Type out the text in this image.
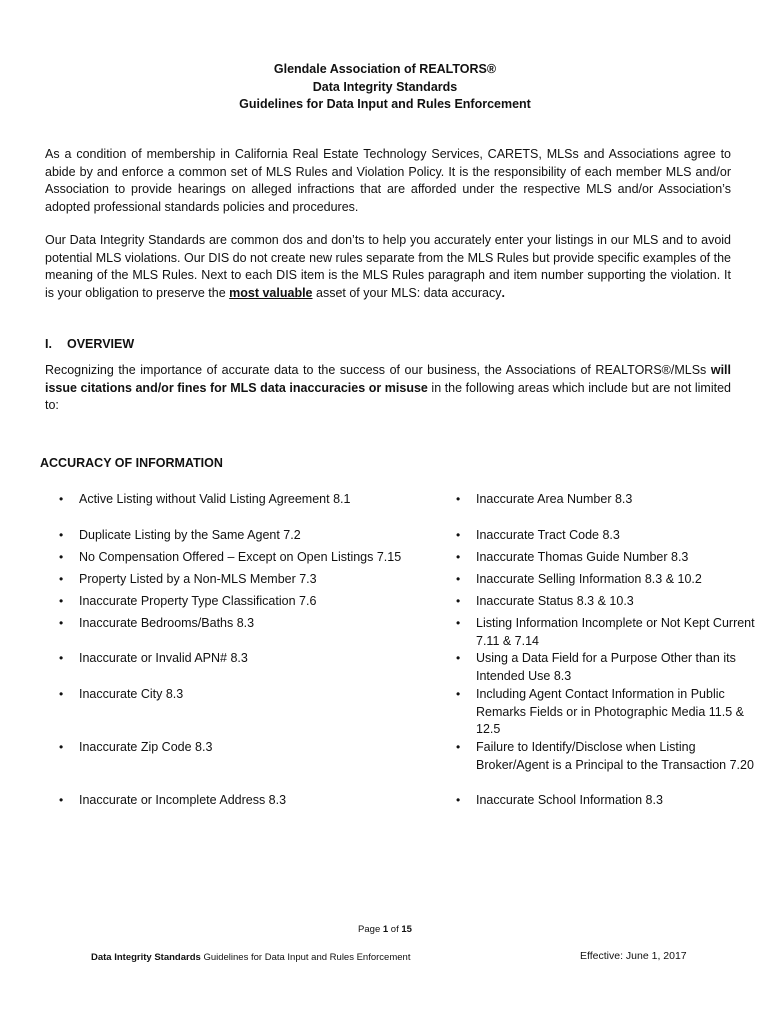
Glendale Association of REALTORS®
Data Integrity Standards
Guidelines for Data Input and Rules Enforcement

As a condition of membership in California Real Estate Technology Services, CARETS, MLSs and Associations agree to abide by and enforce a common set of MLS Rules and Violation Policy. It is the responsibility of each member MLS and/or Association to provide hearings on alleged infractions that are afforded under the respective MLS and/or Association’s adopted professional standards policies and procedures.

Our Data Integrity Standards are common dos and don’ts to help you accurately enter your listings in our MLS and to avoid potential MLS violations. Our DIS do not create new rules separate from the MLS Rules but provide specific examples of the meaning of the MLS Rules. Next to each DIS item is the MLS Rules paragraph and item number supporting the violation. It is your obligation to preserve the most valuable asset of your MLS: data accuracy.

I. OVERVIEW

Recognizing the importance of accurate data to the success of our business, the Associations of REALTORS®/MLSs will issue citations and/or fines for MLS data inaccuracies or misuse in the following areas which include but are not limited to:

ACCURACY OF INFORMATION
•	Active Listing without Valid Listing Agreement 8.1
•	Duplicate Listing by the Same Agent 7.2
•	No Compensation Offered – Except on Open Listings 7.15
•	Property Listed by a Non-MLS Member 7.3
•	Inaccurate Property Type Classification 7.6
•	Inaccurate Bedrooms/Baths 8.3
•	Inaccurate or Invalid APN# 8.3
•	Inaccurate City 8.3
•	Inaccurate Zip Code 8.3
•	Inaccurate or Incomplete Address 8.3
•	Inaccurate Area Number 8.3
•	Inaccurate Tract Code 8.3
•	Inaccurate Thomas Guide Number 8.3
•	Inaccurate Selling Information 8.3 & 10.2
•	Inaccurate Status 8.3 & 10.3
•	Listing Information Incomplete or Not Kept Current 7.11 & 7.14
•	Using a Data Field for a Purpose Other than its Intended Use 8.3
•	Including Agent Contact Information in Public Remarks Fields or in Photographic Media 11.5 & 12.5
•	Failure to Identify/Disclose when Listing Broker/Agent is a Principal to the Transaction 7.20
•	Inaccurate School Information 8.3
Page 1 of 15
Data Integrity Standards Guidelines for Data Input and Rules Enforcement	Effective: June 1, 2017
